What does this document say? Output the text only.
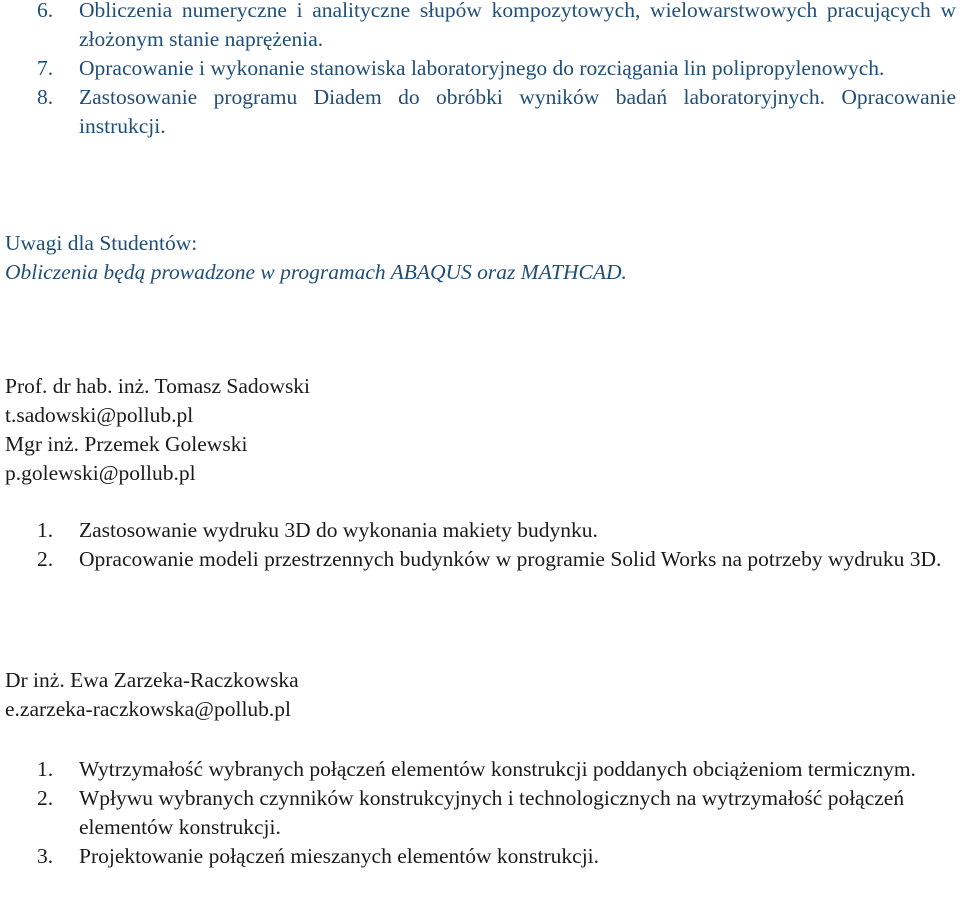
6. Obliczenia numeryczne i analityczne słupów kompozytowych, wielowarstwowych pracujących w złożonym stanie naprężenia.
7. Opracowanie i wykonanie stanowiska laboratoryjnego do rozciągania lin polipropylenowych.
8. Zastosowanie programu Diadem do obróbki wyników badań laboratoryjnych. Opracowanie instrukcji.
Uwagi dla Studentów:
Obliczenia będą prowadzone w programach ABAQUS oraz MATHCAD.
Prof. dr hab. inż. Tomasz Sadowski
t.sadowski@pollub.pl
Mgr inż. Przemek Golewski
p.golewski@pollub.pl
1. Zastosowanie wydruku 3D do wykonania makiety budynku.
2. Opracowanie modeli przestrzennych budynków w programie Solid Works na potrzeby wydruku 3D.
Dr inż. Ewa Zarzeka-Raczkowska
e.zarzeka-raczkowska@pollub.pl
1. Wytrzymałość wybranych połączeń elementów konstrukcji poddanych obciążeniom termicznym.
2. Wpływu wybranych czynników konstrukcyjnych i technologicznych na wytrzymałość połączeń elementów konstrukcji.
3. Projektowanie połączeń mieszanych elementów konstrukcji.
